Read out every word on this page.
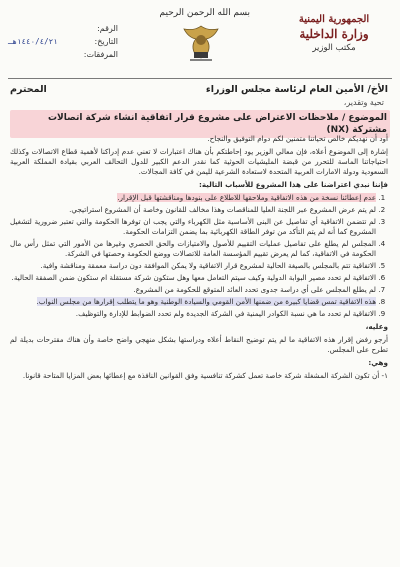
بسم الله الرحمن الرحيم
الجمهورية اليمنية
وزارة الداخلية
مكتب الوزير
الرقم:
التاريخ:
١٤٤٠/٤/٢١هـ
المرفقات:
الأخ/ الأمين العام لرئاسة مجلس الوزراء
المحترم
تحية وتقدير،
الموضوع / ملاحظات الاعتراض على مشروع قرار اتفاقية انشاء شركة اتصالات مشتركة (NX)

أود أن نهديكم خالص تحياتنا متمنين لكم دوام التوفيق والنجاح.

إشارة إلى الموضوع أعلاه، فإن معالي الوزير يود إحاطتكم بأن هناك اعتبارات لا تعني عدم إدراكنا لأهمية قطاع الاتصالات وكذلك احتياجاتنا الماسة للتحرر من قبضة المليشيات الحوثية كما نقدر الدعم الكبير للدول التحالف العربي بقيادة المملكة العربية السعودية ودولة الامارات العربية المتحدة لاستعادة الشرعية لليمن في كافة المجالات.

فإننا نبدي اعتراضنا على هذا المشروع للأسباب التالية:

1. عدم إعطائنا نسخة من هذه الاتفاقية وملاحقها للاطلاع على بنودها ومناقشتها قبل الإقرار.
2. لم يتم عرض المشروع عبر اللجنة العليا للمناقصات وهذا مخالف للقانون وخاصة أن المشروع استراتيجي.
3. لم تتضمن الاتفاقية أي تفاصيل عن البنى الأساسية مثل الكهرباء والتي يجب ان توفرها الحكومة والتي تعتبر ضرورية لتشغيل المشروع كما أنه لم يتم التأكد من توفر الطاقة الكهربائية بما يضمن التزامات الحكومة.
4. المجلس لم يطلع على تفاصيل عمليات التقييم للأصول والامتيازات والحق الحصري وغيرها من الأمور التي تمثل رأس مال الحكومة في الاتفاقية، كما لم يعرض تقييم المؤسسة العامة للاتصالات ووضع الحكومة وحصتها في الشركة.
5. الاتفاقية تتم بالمجلس بالصيغة الحالية لمشروع قرار الاتفاقية ولا يمكن الموافقة دون دراسة معمقة ومناقشة وافية.
6. الاتفاقية لم تحدد مصير البوابة الدولية وكيف سيتم التعامل معها وهل ستكون شركة مستقلة ام ستكون ضمن الصفقة الحالية.
7. لم يطلع المجلس على أي دراسة جدوى تحدد العائد المتوقع للحكومة من المشروع.
8. هذه الاتفاقية تمس قضايا كبيرة من ضمنها الأمن القومي والسيادة الوطنية وهو ما يتطلب إقرارها من مجلس النواب.
9. الاتفاقية لم تحدد ما هي نسبة الكوادر اليمنية في الشركة الجديدة ولم تحدد الضوابط للإدارة والتوظيف.

وعليه،

أرجو رفض إقرار هذه الاتفاقية ما لم يتم توضيح النقاط أعلاه ودراستها بشكل منهجي واضح خاصة وأن هناك مقترحات بديلة لم تطرح على المجلس.

وهي:

١- أن تكون الشركة المشغلة شركة خاصة تعمل كشركة تنافسية وفق القوانين النافذة مع إعطائها بعض المزايا المتاحة قانونا.
